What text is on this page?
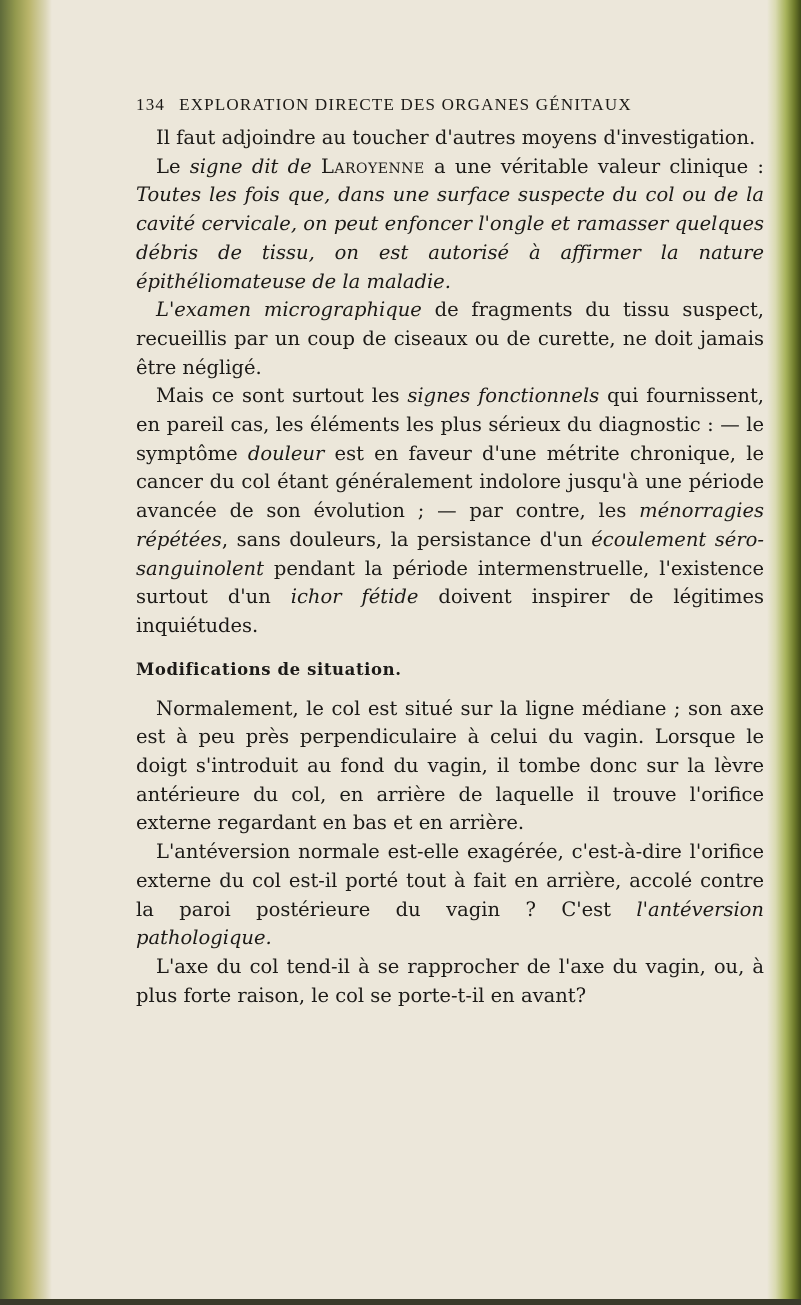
134 EXPLORATION DIRECTE DES ORGANES GÉNITAUX

Il faut adjoindre au toucher d'autres moyens d'investigation.

Le signe dit de Laroyenne a une véritable valeur clinique : Toutes les fois que, dans une surface suspecte du col ou de la cavité cervicale, on peut enfoncer l'ongle et ramasser quelques débris de tissu, on est autorisé à affirmer la nature épithéliomateuse de la maladie.

L'examen micrographique de fragments du tissu suspect, recueillis par un coup de ciseaux ou de curette, ne doit jamais être négligé.

Mais ce sont surtout les signes fonctionnels qui fournissent, en pareil cas, les éléments les plus sérieux du diagnostic : — le symptôme douleur est en faveur d'une métrite chronique, le cancer du col étant généralement indolore jusqu'à une période avancée de son évolution ; — par contre, les ménorragies répétées, sans douleurs, la persistance d'un écoulement séro-sanguinolent pendant la période intermenstruelle, l'existence surtout d'un ichor fétide doivent inspirer de légitimes inquiétudes.

Modifications de situation.

Normalement, le col est situé sur la ligne médiane ; son axe est à peu près perpendiculaire à celui du vagin. Lorsque le doigt s'introduit au fond du vagin, il tombe donc sur la lèvre antérieure du col, en arrière de laquelle il trouve l'orifice externe regardant en bas et en arrière.

L'antéversion normale est-elle exagérée, c'est-à-dire l'orifice externe du col est-il porté tout à fait en arrière, accolé contre la paroi postérieure du vagin ? C'est l'antéversion pathologique.

L'axe du col tend-il à se rapprocher de l'axe du vagin, ou, à plus forte raison, le col se porte-t-il en avant?
